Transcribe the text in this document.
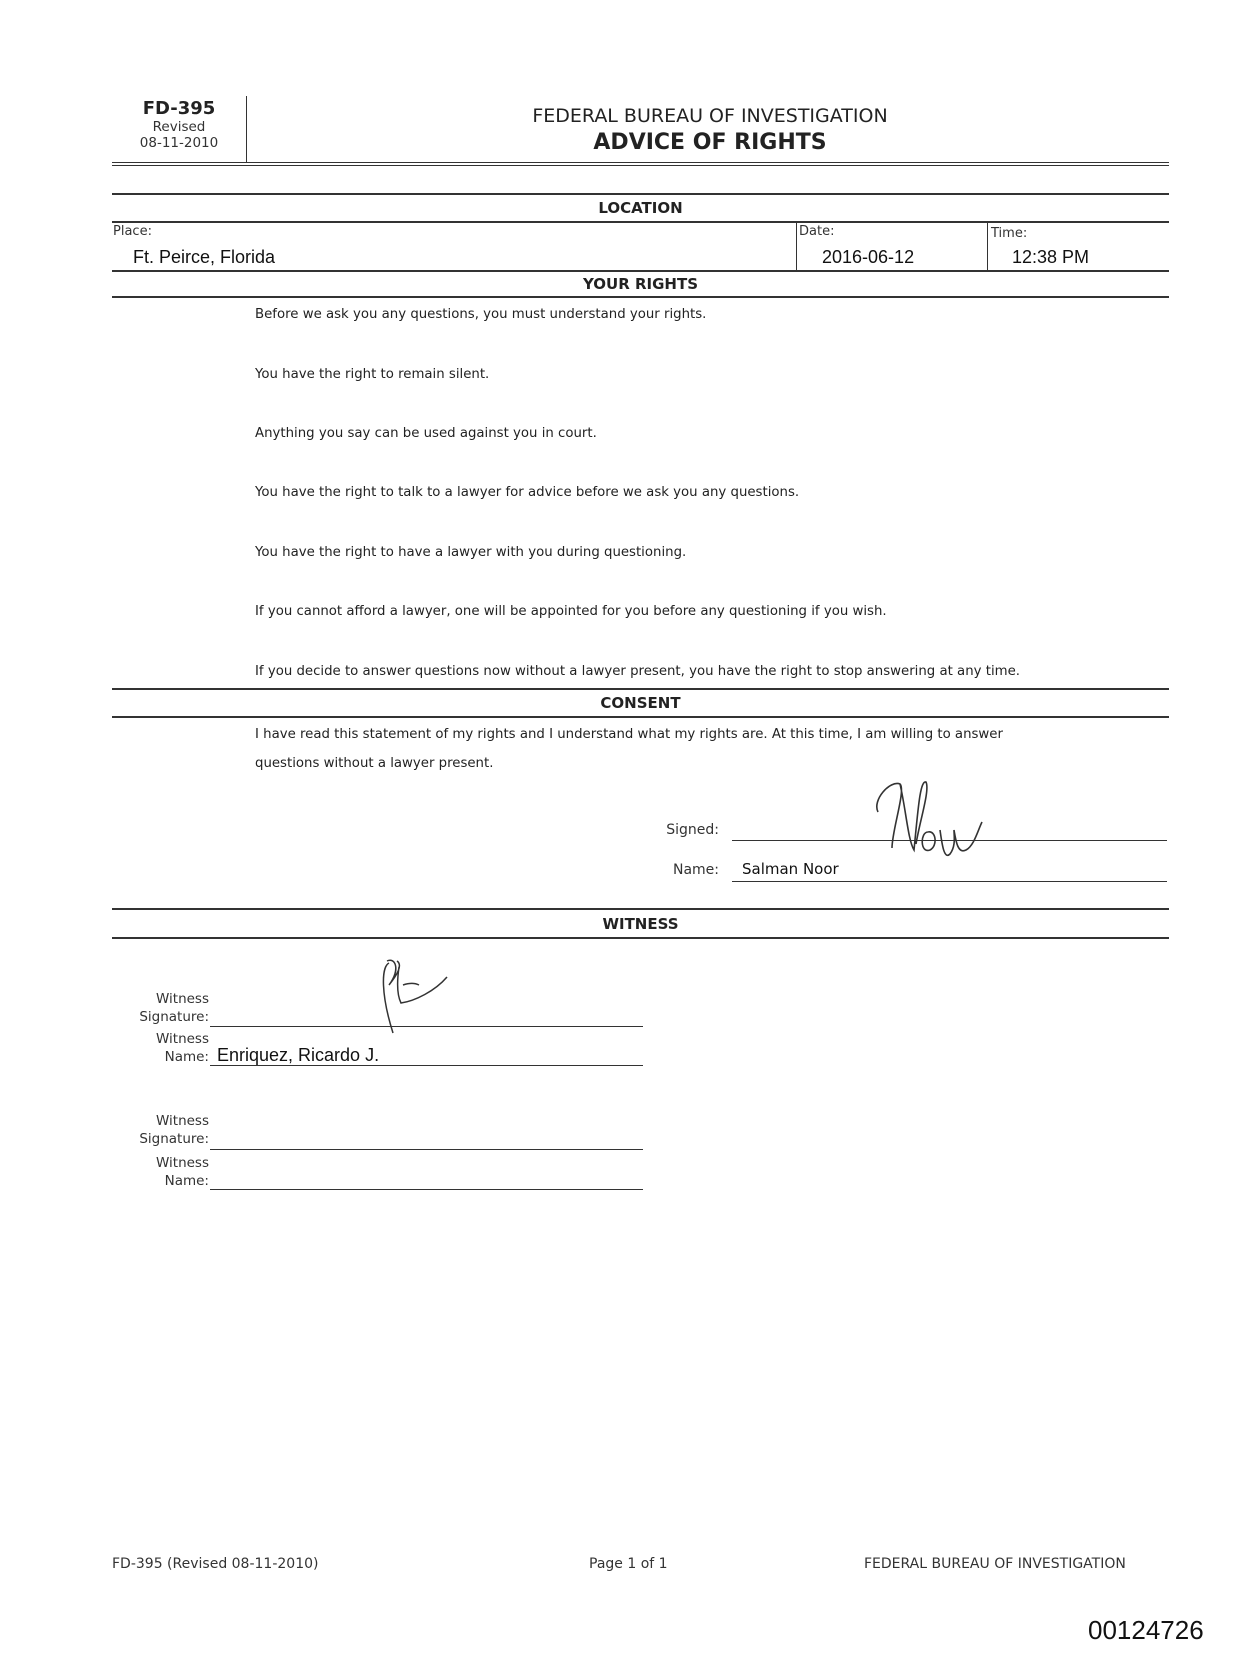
FD-395
Revised
08-11-2010
FEDERAL BUREAU OF INVESTIGATION
ADVICE OF RIGHTS
LOCATION
Place:
Ft. Peirce, Florida
Date:
2016-06-12
Time:
12:38 PM
YOUR RIGHTS
Before we ask you any questions, you must understand your rights.
You have the right to remain silent.
Anything you say can be used against you in court.
You have the right to talk to a lawyer for advice before we ask you any questions.
You have the right to have a lawyer with you during questioning.
If you cannot afford a lawyer, one will be appointed for you before any questioning if you wish.
If you decide to answer questions now without a lawyer present, you have the right to stop answering at any time.
CONSENT
I have read this statement of my rights and I understand what my rights are. At this time, I am willing to answer
questions without a lawyer present.
Signed:
Name: Salman Noor
WITNESS
Witness
Signature:
Witness
Name: Enriquez, Ricardo J.
Witness
Signature:
Witness
Name:
FD-395 (Revised 08-11-2010)	Page 1 of 1	FEDERAL BUREAU OF INVESTIGATION
00124726
